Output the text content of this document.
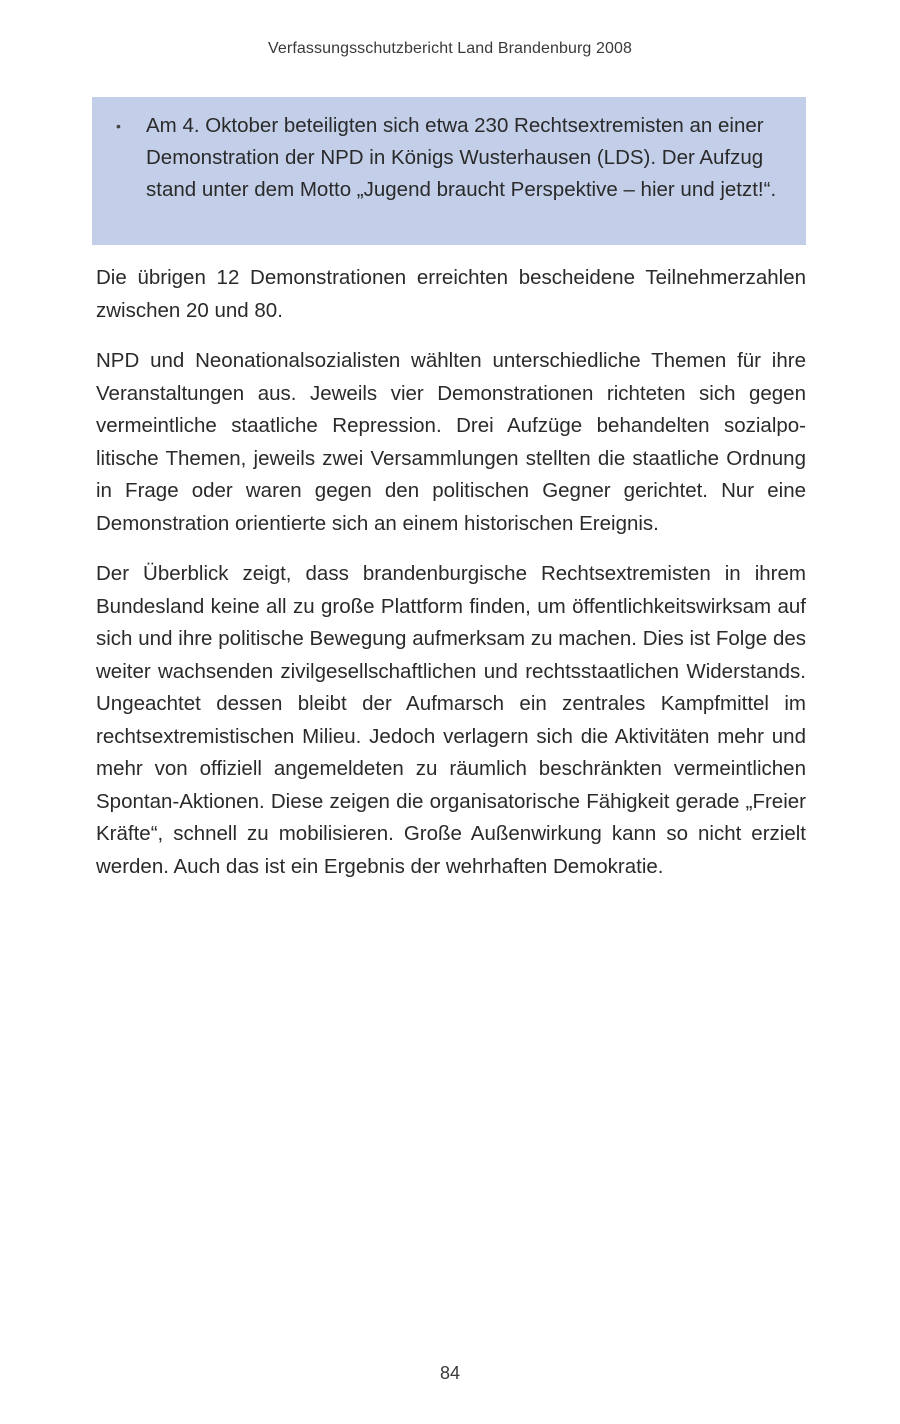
Verfassungsschutzbericht Land Brandenburg 2008
•	Am 4. Oktober beteiligten sich etwa 230 Rechtsextremisten an einer Demonstration der NPD in Königs Wusterhausen (LDS). Der Aufzug stand unter dem Motto „Jugend braucht Perspektive – hier und jetzt!“.

Die übrigen 12 Demonstrationen erreichten bescheidene Teilnehmerzahlen zwischen 20 und 80.

NPD und Neonationalsozialisten wählten unterschiedliche Themen für ihre Veranstaltungen aus. Jeweils vier Demonstrationen richteten sich gegen vermeintliche staatliche Repression. Drei Aufzüge behandelten sozialpolitische Themen, jeweils zwei Versammlungen stellten die staatliche Ordnung in Frage oder waren gegen den politischen Gegner gerichtet. Nur eine Demonstration orientierte sich an einem historischen Ereignis.

Der Überblick zeigt, dass brandenburgische Rechtsextremisten in ihrem Bundesland keine all zu große Plattform finden, um öffentlichkeitswirksam auf sich und ihre politische Bewegung aufmerksam zu machen. Dies ist Folge des weiter wachsenden zivilgesellschaftlichen und rechtsstaatlichen Widerstands. Ungeachtet dessen bleibt der Aufmarsch ein zentrales Kampfmittel im rechtsextremistischen Milieu. Jedoch verlagern sich die Aktivitäten mehr und mehr von offiziell angemeldeten zu räumlich beschränkten vermeintlichen Spontan-Aktionen. Diese zeigen die organisatorische Fähigkeit gerade „Freier Kräfte“, schnell zu mobilisieren. Große Außenwirkung kann so nicht erzielt werden. Auch das ist ein Ergebnis der wehrhaften Demokratie.

84
